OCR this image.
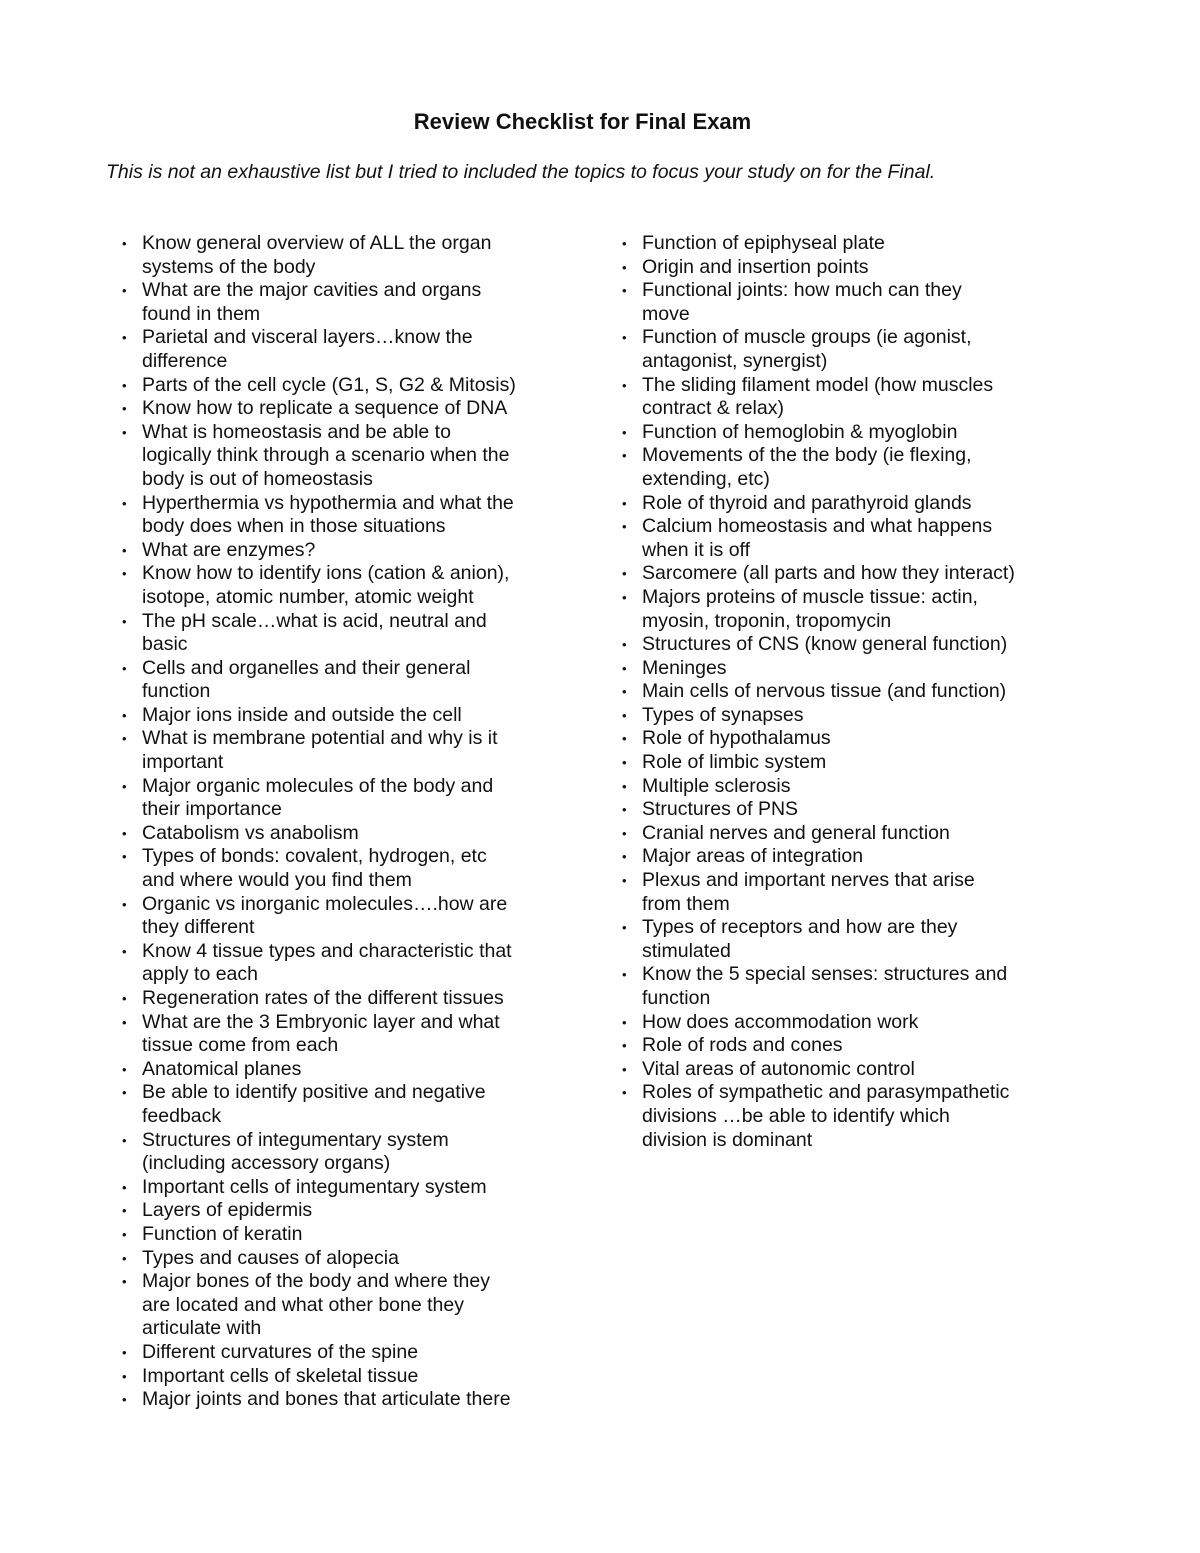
Review Checklist for Final Exam
This is not an exhaustive list but I tried to included the topics to focus your study on for the Final.
• Know general overview of ALL the organ
systems of the body
• What are the major cavities and organs
found in them
• Parietal and visceral layers…know the
difference
• Parts of the cell cycle (G1, S, G2 & Mitosis)
• Know how to replicate a sequence of DNA
• What is homeostasis and be able to
logically think through a scenario when the
body is out of homeostasis
• Hyperthermia vs hypothermia and what the
body does when in those situations
• What are enzymes?
• Know how to identify ions (cation & anion),
isotope, atomic number, atomic weight
• The pH scale…what is acid, neutral and
basic
• Cells and organelles and their general
function
• Major ions inside and outside the cell
• What is membrane potential and why is it
important
• Major organic molecules of the body and
their importance
• Catabolism vs anabolism
• Types of bonds: covalent, hydrogen, etc
and where would you find them
• Organic vs inorganic molecules….how are
they different
• Know 4 tissue types and characteristic that
apply to each
• Regeneration rates of the different tissues
• What are the 3 Embryonic layer and what
tissue come from each
• Anatomical planes
• Be able to identify positive and negative
feedback
• Structures of integumentary system
(including accessory organs)
• Important cells of integumentary system
• Layers of epidermis
• Function of keratin
• Types and causes of alopecia
• Major bones of the body and where they
are located and what other bone they
articulate with
• Different curvatures of the spine
• Important cells of skeletal tissue
• Major joints and bones that articulate there
• Function of epiphyseal plate
• Origin and insertion points
• Functional joints: how much can they
move
• Function of muscle groups (ie agonist,
antagonist, synergist)
• The sliding filament model (how muscles
contract & relax)
• Function of hemoglobin & myoglobin
• Movements of the the body (ie flexing,
extending, etc)
• Role of thyroid and parathyroid glands
• Calcium homeostasis and what happens
when it is off
• Sarcomere (all parts and how they interact)
• Majors proteins of muscle tissue: actin,
myosin, troponin, tropomycin
• Structures of CNS (know general function)
• Meninges
• Main cells of nervous tissue (and function)
• Types of synapses
• Role of hypothalamus
• Role of limbic system
• Multiple sclerosis
• Structures of PNS
• Cranial nerves and general function
• Major areas of integration
• Plexus and important nerves that arise
from them
• Types of receptors and how are they
stimulated
• Know the 5 special senses: structures and
function
• How does accommodation work
• Role of rods and cones
• Vital areas of autonomic control
• Roles of sympathetic and parasympathetic
divisions …be able to identify which
division is dominant
